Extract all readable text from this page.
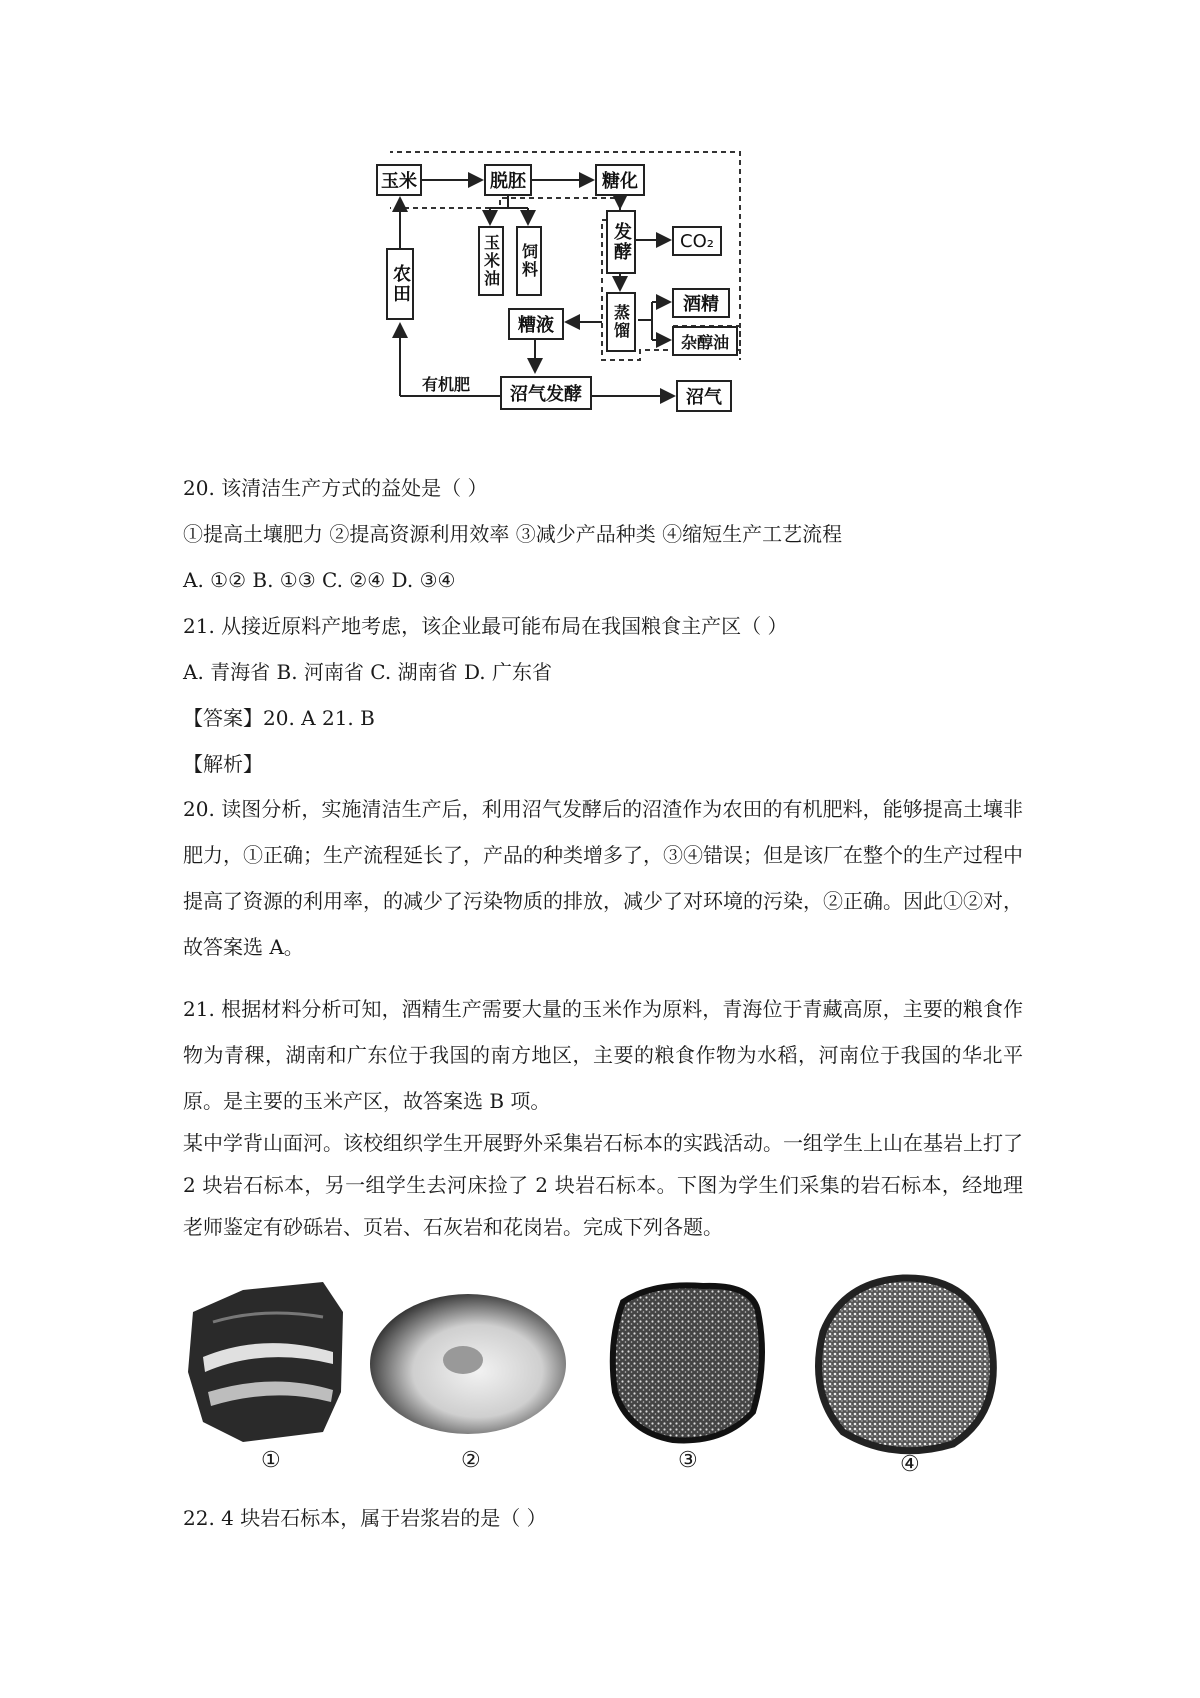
玉米	脱胚	糖化
玉米油 饲料
农田
发酵	CO₂
蒸馏	酒精
杂醇油
糟液
沼气发酵	沼气
有机肥
20. 该清洁生产方式的益处是（ ）
①提高土壤肥力 ②提高资源利用效率 ③减少产品种类 ④缩短生产工艺流程
A. ①② B. ①③ C. ②④ D. ③④
21. 从接近原料产地考虑，该企业最可能布局在我国粮食主产区（ ）
A. 青海省 B. 河南省 C. 湖南省 D. 广东省
【答案】20. A 21. B
【解析】
20. 读图分析，实施清洁生产后，利用沼气发酵后的沼渣作为农田的有机肥料，能够提高土壤非肥力，①正确；生产流程延长了，产品的种类增多了，③④错误；但是该厂在整个的生产过程中提高了资源的利用率，的减少了污染物质的排放，减少了对环境的污染，②正确。因此①②对，故答案选 A。
21. 根据材料分析可知，酒精生产需要大量的玉米作为原料，青海位于青藏高原，主要的粮食作物为青稞，湖南和广东位于我国的南方地区，主要的粮食作物为水稻，河南位于我国的华北平原。是主要的玉米产区，故答案选 B 项。
某中学背山面河。该校组织学生开展野外采集岩石标本的实践活动。一组学生上山在基岩上打了 2 块岩石标本，另一组学生去河床捡了 2 块岩石标本。下图为学生们采集的岩石标本，经地理老师鉴定有砂砾岩、页岩、石灰岩和花岗岩。完成下列各题。
①	②	③	④
22. 4 块岩石标本，属于岩浆岩的是（ ）
